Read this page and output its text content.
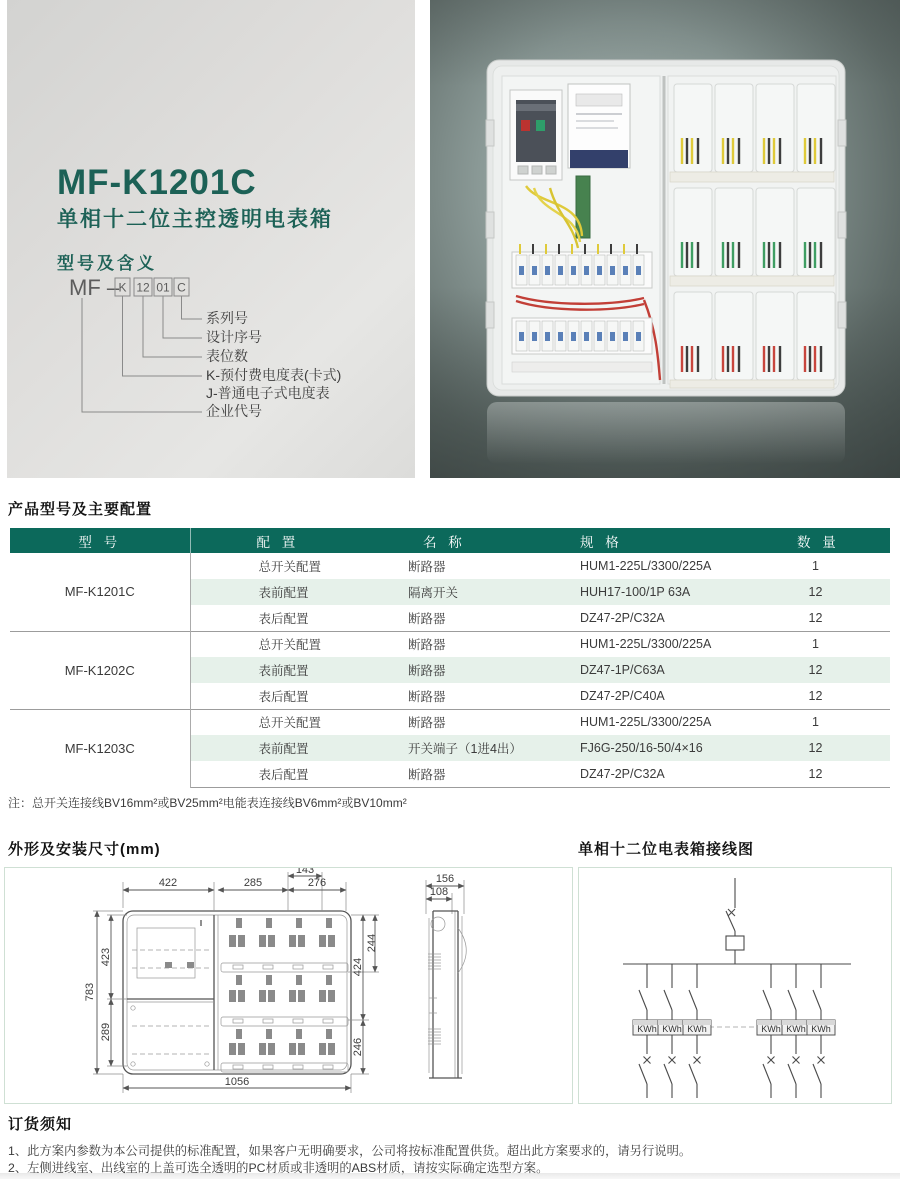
MF-K1201C
单相十二位主控透明电表箱
型号及含义
MF – K 12 01 C
系列号
设计序号
表位数
K-预付费电度表(卡式)
J-普通电子式电度表
企业代号
产品型号及主要配置
型 号	配 置	名 称	规 格	数 量
MF-K1201C	总开关配置	断路器	HUM1-225L/3300/225A	1
	表前配置	隔离开关	HUH17-100/1P 63A	12
	表后配置	断路器	DZ47-2P/C32A	12
MF-K1202C	总开关配置	断路器	HUM1-225L/3300/225A	1
	表前配置	断路器	DZ47-1P/C63A	12
	表后配置	断路器	DZ47-2P/C40A	12
MF-K1203C	总开关配置	断路器	HUM1-225L/3300/225A	1
	表前配置	开关端子（1进4出）	FJ6G-250/16-50/4×16	12
	表后配置	断路器	DZ47-2P/C32A	12
注：总开关连接线BV16mm²或BV25mm²电能表连接线BV6mm²或BV10mm²
外形及安装尺寸(mm)
422	285	276
143
783
423
289
424
244
246
1056
156
108
单相十二位电表箱接线图
KWh KWh KWh	KWh KWh KWh
订货须知
1、此方案内参数为本公司提供的标准配置，如果客户无明确要求，公司将按标准配置供货。超出此方案要求的，请另行说明。
2、左侧进线室、出线室的上盖可选全透明的PC材质或非透明的ABS材质，请按实际确定选型方案。
